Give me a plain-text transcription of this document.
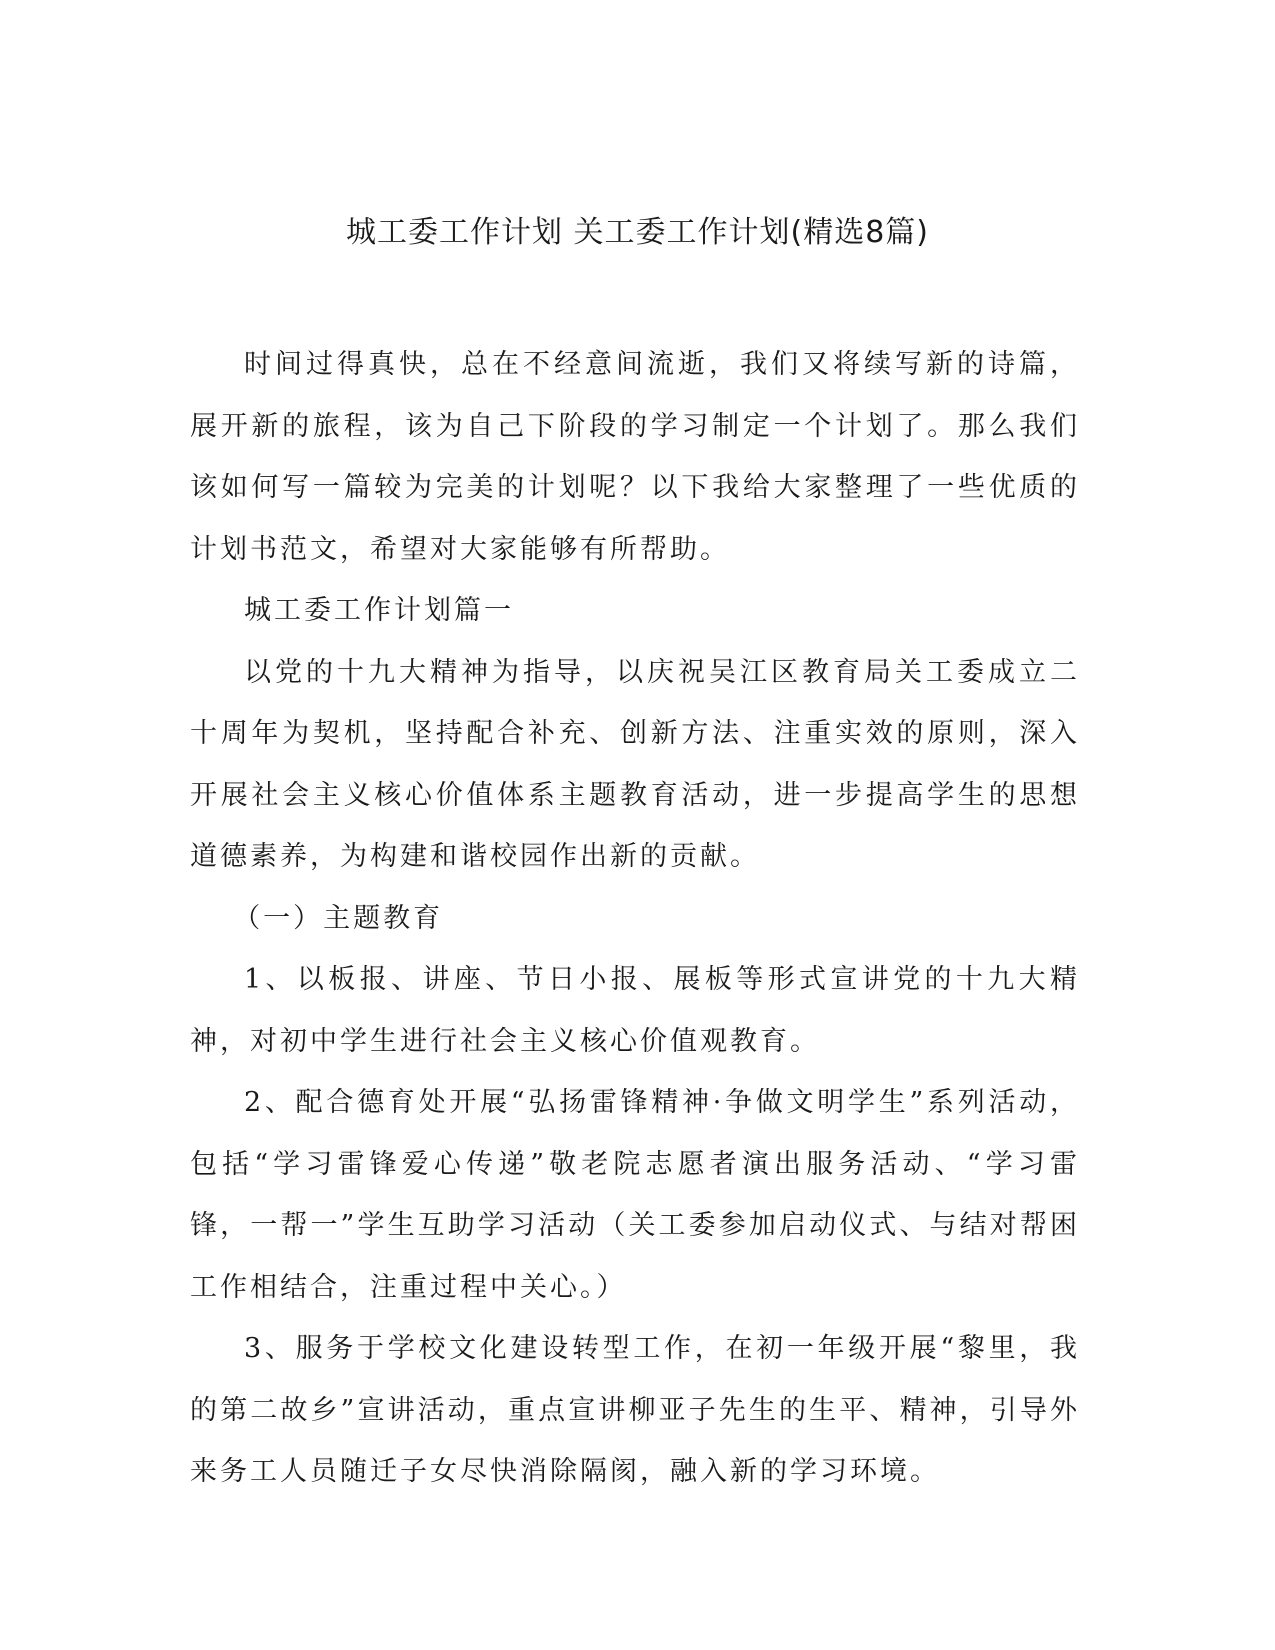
城工委工作计划 关工委工作计划(精选8篇)

时间过得真快，总在不经意间流逝，我们又将续写新的诗篇，展开新的旅程，该为自己下阶段的学习制定一个计划了。那么我们该如何写一篇较为完美的计划呢？以下我给大家整理了一些优质的计划书范文，希望对大家能够有所帮助。

城工委工作计划篇一

以党的十九大精神为指导，以庆祝吴江区教育局关工委成立二十周年为契机，坚持配合补充、创新方法、注重实效的原则，深入开展社会主义核心价值体系主题教育活动，进一步提高学生的思想道德素养，为构建和谐校园作出新的贡献。

（一）主题教育

1、以板报、讲座、节日小报、展板等形式宣讲党的十九大精神，对初中学生进行社会主义核心价值观教育。

2、配合德育处开展“弘扬雷锋精神·争做文明学生”系列活动，包括“学习雷锋爱心传递”敬老院志愿者演出服务活动、“学习雷锋，一帮一”学生互助学习活动（关工委参加启动仪式、与结对帮困工作相结合，注重过程中关心。）

3、服务于学校文化建设转型工作，在初一年级开展“黎里，我的第二故乡”宣讲活动，重点宣讲柳亚子先生的生平、精神，引导外来务工人员随迁子女尽快消除隔阂，融入新的学习环境。
